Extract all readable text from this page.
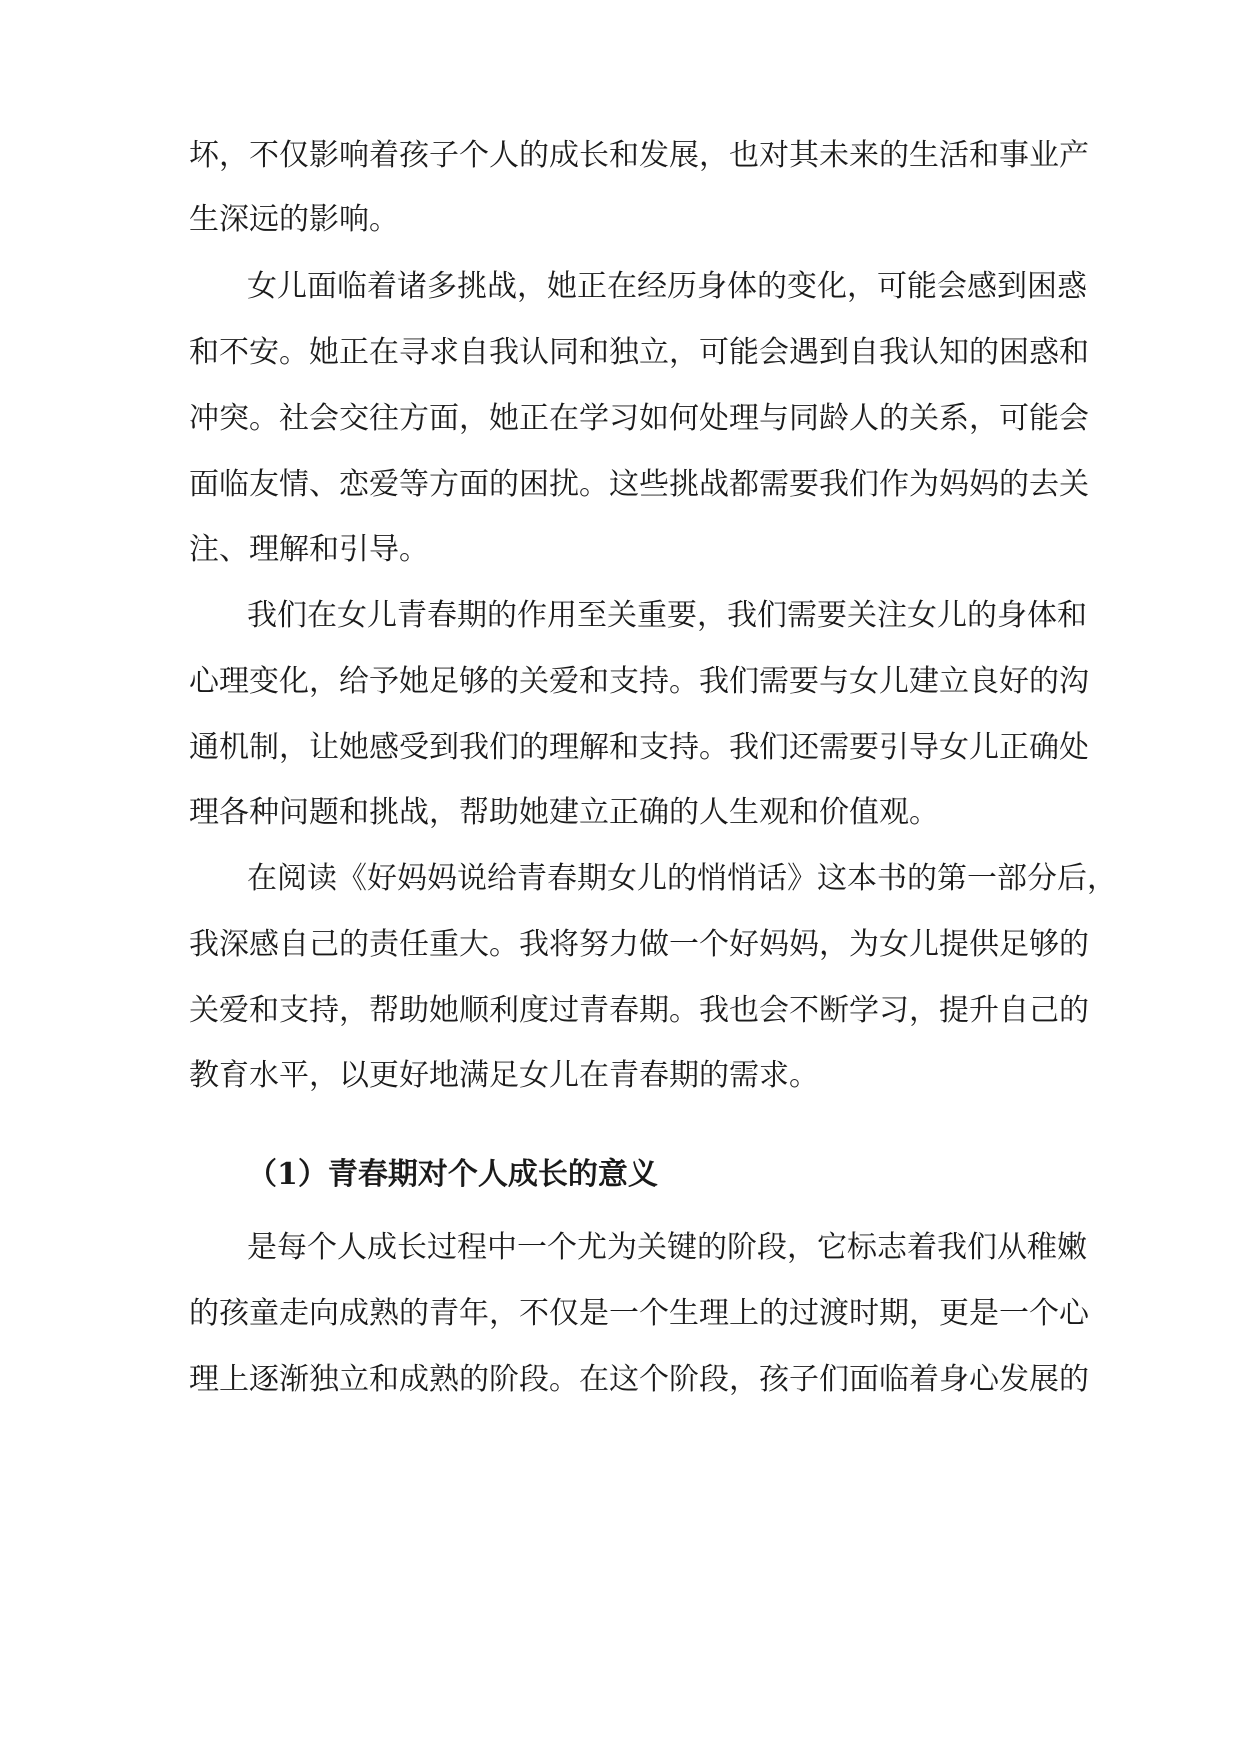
坏，不仅影响着孩子个人的成长和发展，也对其未来的生活和事业产
生深远的影响。
女儿面临着诸多挑战，她正在经历身体的变化，可能会感到困惑
和不安。她正在寻求自我认同和独立，可能会遇到自我认知的困惑和
冲突。社会交往方面，她正在学习如何处理与同龄人的关系，可能会
面临友情、恋爱等方面的困扰。这些挑战都需要我们作为妈妈的去关
注、理解和引导。
我们在女儿青春期的作用至关重要，我们需要关注女儿的身体和
心理变化，给予她足够的关爱和支持。我们需要与女儿建立良好的沟
通机制，让她感受到我们的理解和支持。我们还需要引导女儿正确处
理各种问题和挑战，帮助她建立正确的人生观和价值观。
在阅读《好妈妈说给青春期女儿的悄悄话》这本书的第一部分后，
我深感自己的责任重大。我将努力做一个好妈妈，为女儿提供足够的
关爱和支持，帮助她顺利度过青春期。我也会不断学习，提升自己的
教育水平，以更好地满足女儿在青春期的需求。
（1）青春期对个人成长的意义
是每个人成长过程中一个尤为关键的阶段，它标志着我们从稚嫩
的孩童走向成熟的青年，不仅是一个生理上的过渡时期，更是一个心
理上逐渐独立和成熟的阶段。在这个阶段，孩子们面临着身心发展的
